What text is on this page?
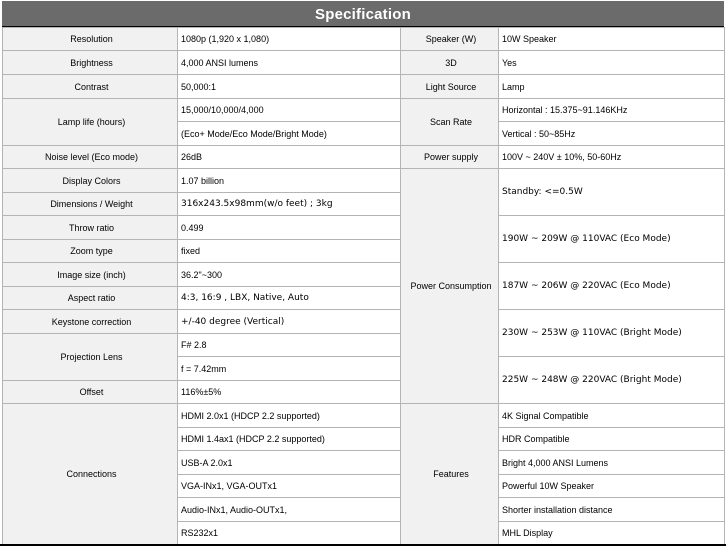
Specification
Resolution	1080p (1,920 x 1,080)	Speaker (W)	10W Speaker
Brightness	4,000 ANSI lumens	3D	Yes
Contrast	50,000:1	Light Source	Lamp
Lamp life (hours)	15,000/10,000/4,000	Scan Rate	Horizontal : 15.375~91.146KHz
	(Eco+ Mode/Eco Mode/Bright Mode)		Vertical : 50~85Hz
Noise level (Eco mode)	26dB	Power supply	100V ~ 240V ± 10%, 50-60Hz
Display Colors	1.07 billion	Power Consumption	Standby: <=0.5W
Dimensions / Weight	316x243.5x98mm(w/o feet) ; 3kg		
Throw ratio	0.499		190W ~ 209W @ 110VAC (Eco Mode)
Zoom type	fixed		
Image size (inch)	36.2"~300		187W ~ 206W @ 220VAC (Eco Mode)
Aspect ratio	4:3, 16:9 , LBX, Native, Auto		
Keystone correction	+/-40 degree (Vertical)		230W ~ 253W @ 110VAC (Bright Mode)
Projection Lens	F# 2.8		
	f = 7.42mm		225W ~ 248W @ 220VAC (Bright Mode)
Offset	116%±5%		
Connections	HDMI 2.0x1 (HDCP 2.2 supported)	Features	4K Signal Compatible
	HDMI 1.4ax1 (HDCP 2.2 supported)		HDR Compatible
	USB-A 2.0x1		Bright 4,000 ANSI Lumens
	VGA-INx1, VGA-OUTx1		Powerful 10W Speaker
	Audio-INx1, Audio-OUTx1,		Shorter installation distance
	RS232x1		MHL Display
